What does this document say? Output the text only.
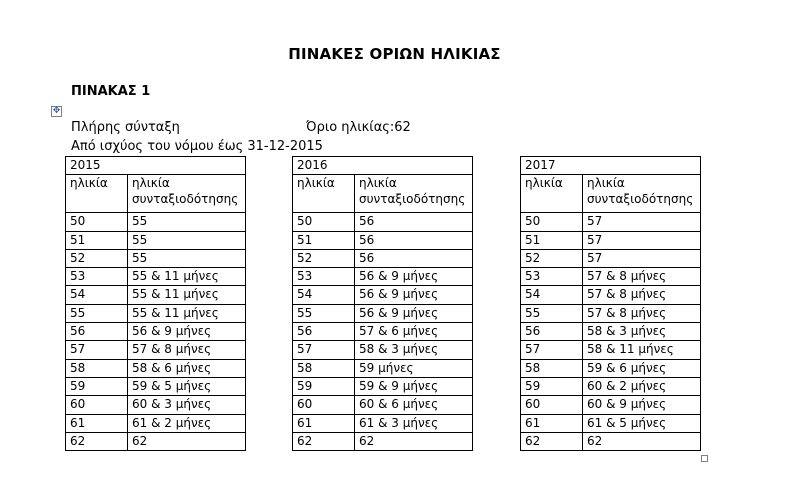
ΠΙΝΑΚΕΣ ΟΡΙΩΝ ΗΛΙΚΙΑΣ
ΠΙΝΑΚΑΣ 1
✥
Πλήρης σύνταξη	Όριο ηλικίας:62
Από ισχύος του νόμου έως 31-12-2015
2015	
ηλικία	ηλικία συνταξιοδότησης
50	55
51	55
52	55
53	55 & 11 μήνες
54	55 & 11 μήνες
55	55 & 11 μήνες
56	56 & 9 μήνες
57	57 & 8 μήνες
58	58 & 6 μήνες
59	59 & 5 μήνες
60	60 & 3 μήνες
61	61 & 2 μήνες
62	62
2016	
ηλικία	ηλικία συνταξιοδότησης
50	56
51	56
52	56
53	56 & 9 μήνες
54	56 & 9 μήνες
55	56 & 9 μήνες
56	57 & 6 μήνες
57	58 & 3 μήνες
58	59 μήνες
59	59 & 9 μήνες
60	60 & 6 μήνες
61	61 & 3 μήνες
62	62
2017	
ηλικία	ηλικία συνταξιοδότησης
50	57
51	57
52	57
53	57 & 8 μήνες
54	57 & 8 μήνες
55	57 & 8 μήνες
56	58 & 3 μήνες
57	58 & 11 μήνες
58	59 & 6 μήνες
59	60 & 2 μήνες
60	60 & 9 μήνες
61	61 & 5 μήνες
62	62
